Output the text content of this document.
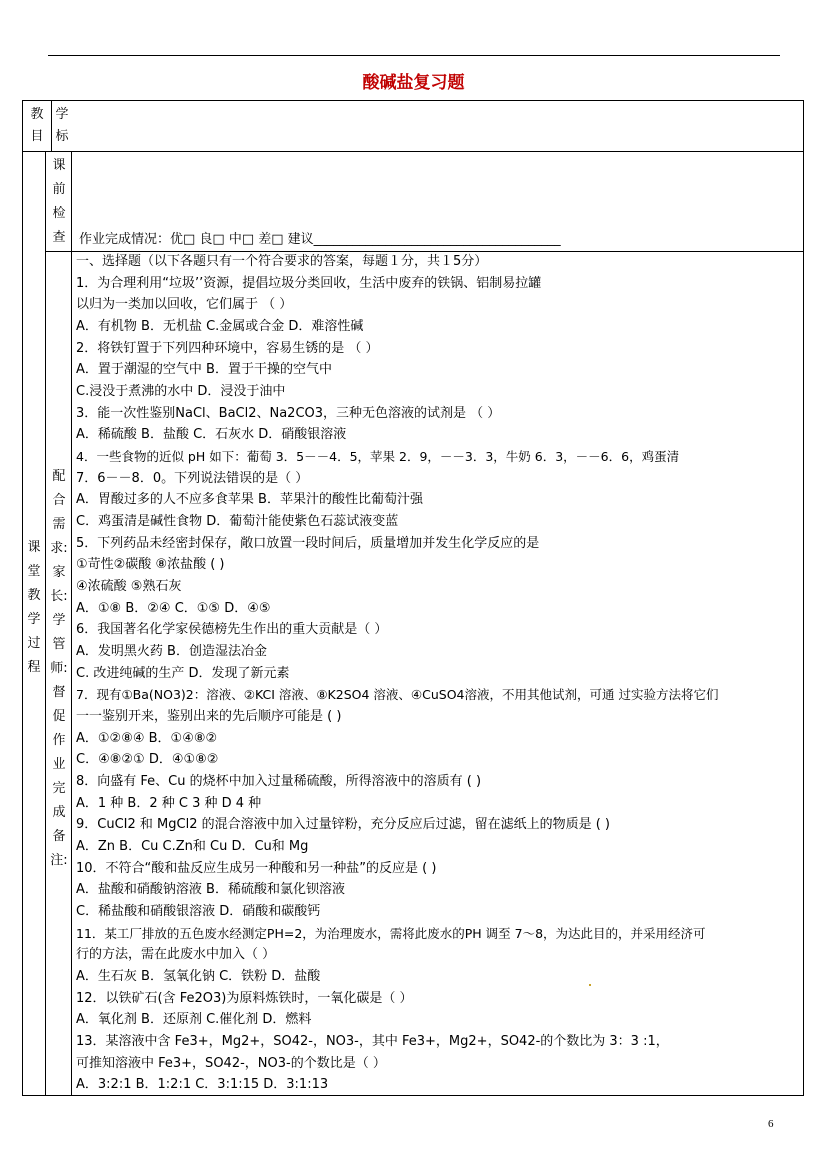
酸碱盐复习题
教目
学标
课
前
检
查 作业完成情况：优□ 良□ 中□ 差□ 建议______________________________________
课
堂
教
学
过
程
配
合
需
求:
家
长:
学
管
师:
督
促
作
业
完
成
备
注:
一、选择题（以下各题只有一个符合要求的答案，每题１分，共１5分）
1．为合理利用“垃圾’’资源，提倡垃圾分类回收，生活中废弃的铁锅、铝制易拉罐
以归为一类加以回收，它们属于 （ ）
A．有机物 B．无机盐 C.金属或合金 D．难溶性碱
2．将铁钉置于下列四种环境中，容易生锈的是 （ ）
A．置于潮湿的空气中 B．置于干操的空气中
C.浸没于煮沸的水中 D．浸没于油中
3．能一次性鉴别NaCl、BaCl2、Na2CO3，三种无色溶液的试剂是 （ ）
A．稀硫酸 B．盐酸 C．石灰水 D．硝酸银溶液
4．一些食物的近似 pH 如下：葡萄 3．5－－4．5，苹果 2．9，－－3．3，牛奶 6．3，－－6．6，鸡蛋清
7．6－－8．0。下列说法错误的是（ ）
A．胃酸过多的人不应多食苹果 B．苹果汁的酸性比葡萄汁强
C．鸡蛋清是碱性食物 D．葡萄汁能使紫色石蕊试液变蓝
5．下列药品未经密封保存，敞口放置一段时间后，质量增加并发生化学反应的是
①苛性②碳酸 ⑧浓盐酸 ( )
④浓硫酸 ⑤熟石灰
A．①⑧ B．②④ C．①⑤ D．④⑤
6．我国著名化学家侯德榜先生作出的重大贡献是（ ）
A．发明黑火药 B．创造湿法冶金
C. 改进纯碱的生产 D．发现了新元素
7．现有①Ba(NO3)2：溶液、②KCI 溶液、⑧K2SO4 溶液、④CuSO4溶液，不用其他试剂，可通 过实验方法将它们
一一鉴别开来，鉴别出来的先后顺序可能是 ( )
A．①②⑧④ B．①④⑧②
C．④⑧②① D．④①⑧②
8．向盛有 Fe、Cu 的烧杯中加入过量稀硫酸，所得溶液中的溶质有 ( )
A．1 种 B．2 种 C 3 种 D 4 种
9．CuCI2 和 MgCl2 的混合溶液中加入过量锌粉，充分反应后过滤，留在滤纸上的物质是 ( )
A．Zn B．Cu C.Zn和 Cu D．Cu和 Mg
10．不符合“酸和盐反应生成另一种酸和另一种盐”的反应是 ( )
A．盐酸和硝酸钠溶液 B．稀硫酸和氯化钡溶液
C．稀盐酸和硝酸银溶液 D．硝酸和碳酸钙
11．某工厂排放的五色废水经测定PH=2，为治理废水，需将此废水的PH 调至 7～8，为达此目的，并采用经济可
行的方法，需在此废水中加入（ ）
A．生石灰 B．氢氧化钠 C．铁粉 D．盐酸
12．以铁矿石(含 Fe2O3)为原料炼铁时，一氧化碳是（ ）
A．氧化剂 B．还原剂 C.催化剂 D．燃料
13．某溶液中含 Fe3+，Mg2+，SO42-，NO3-，其中 Fe3+，Mg2+，SO42-的个数比为 3：3 :1，
可推知溶液中 Fe3+，SO42-，NO3-的个数比是（ ）
A．3:2:1 B．1:2:1 C．3:1:15 D．3:1:13
6
